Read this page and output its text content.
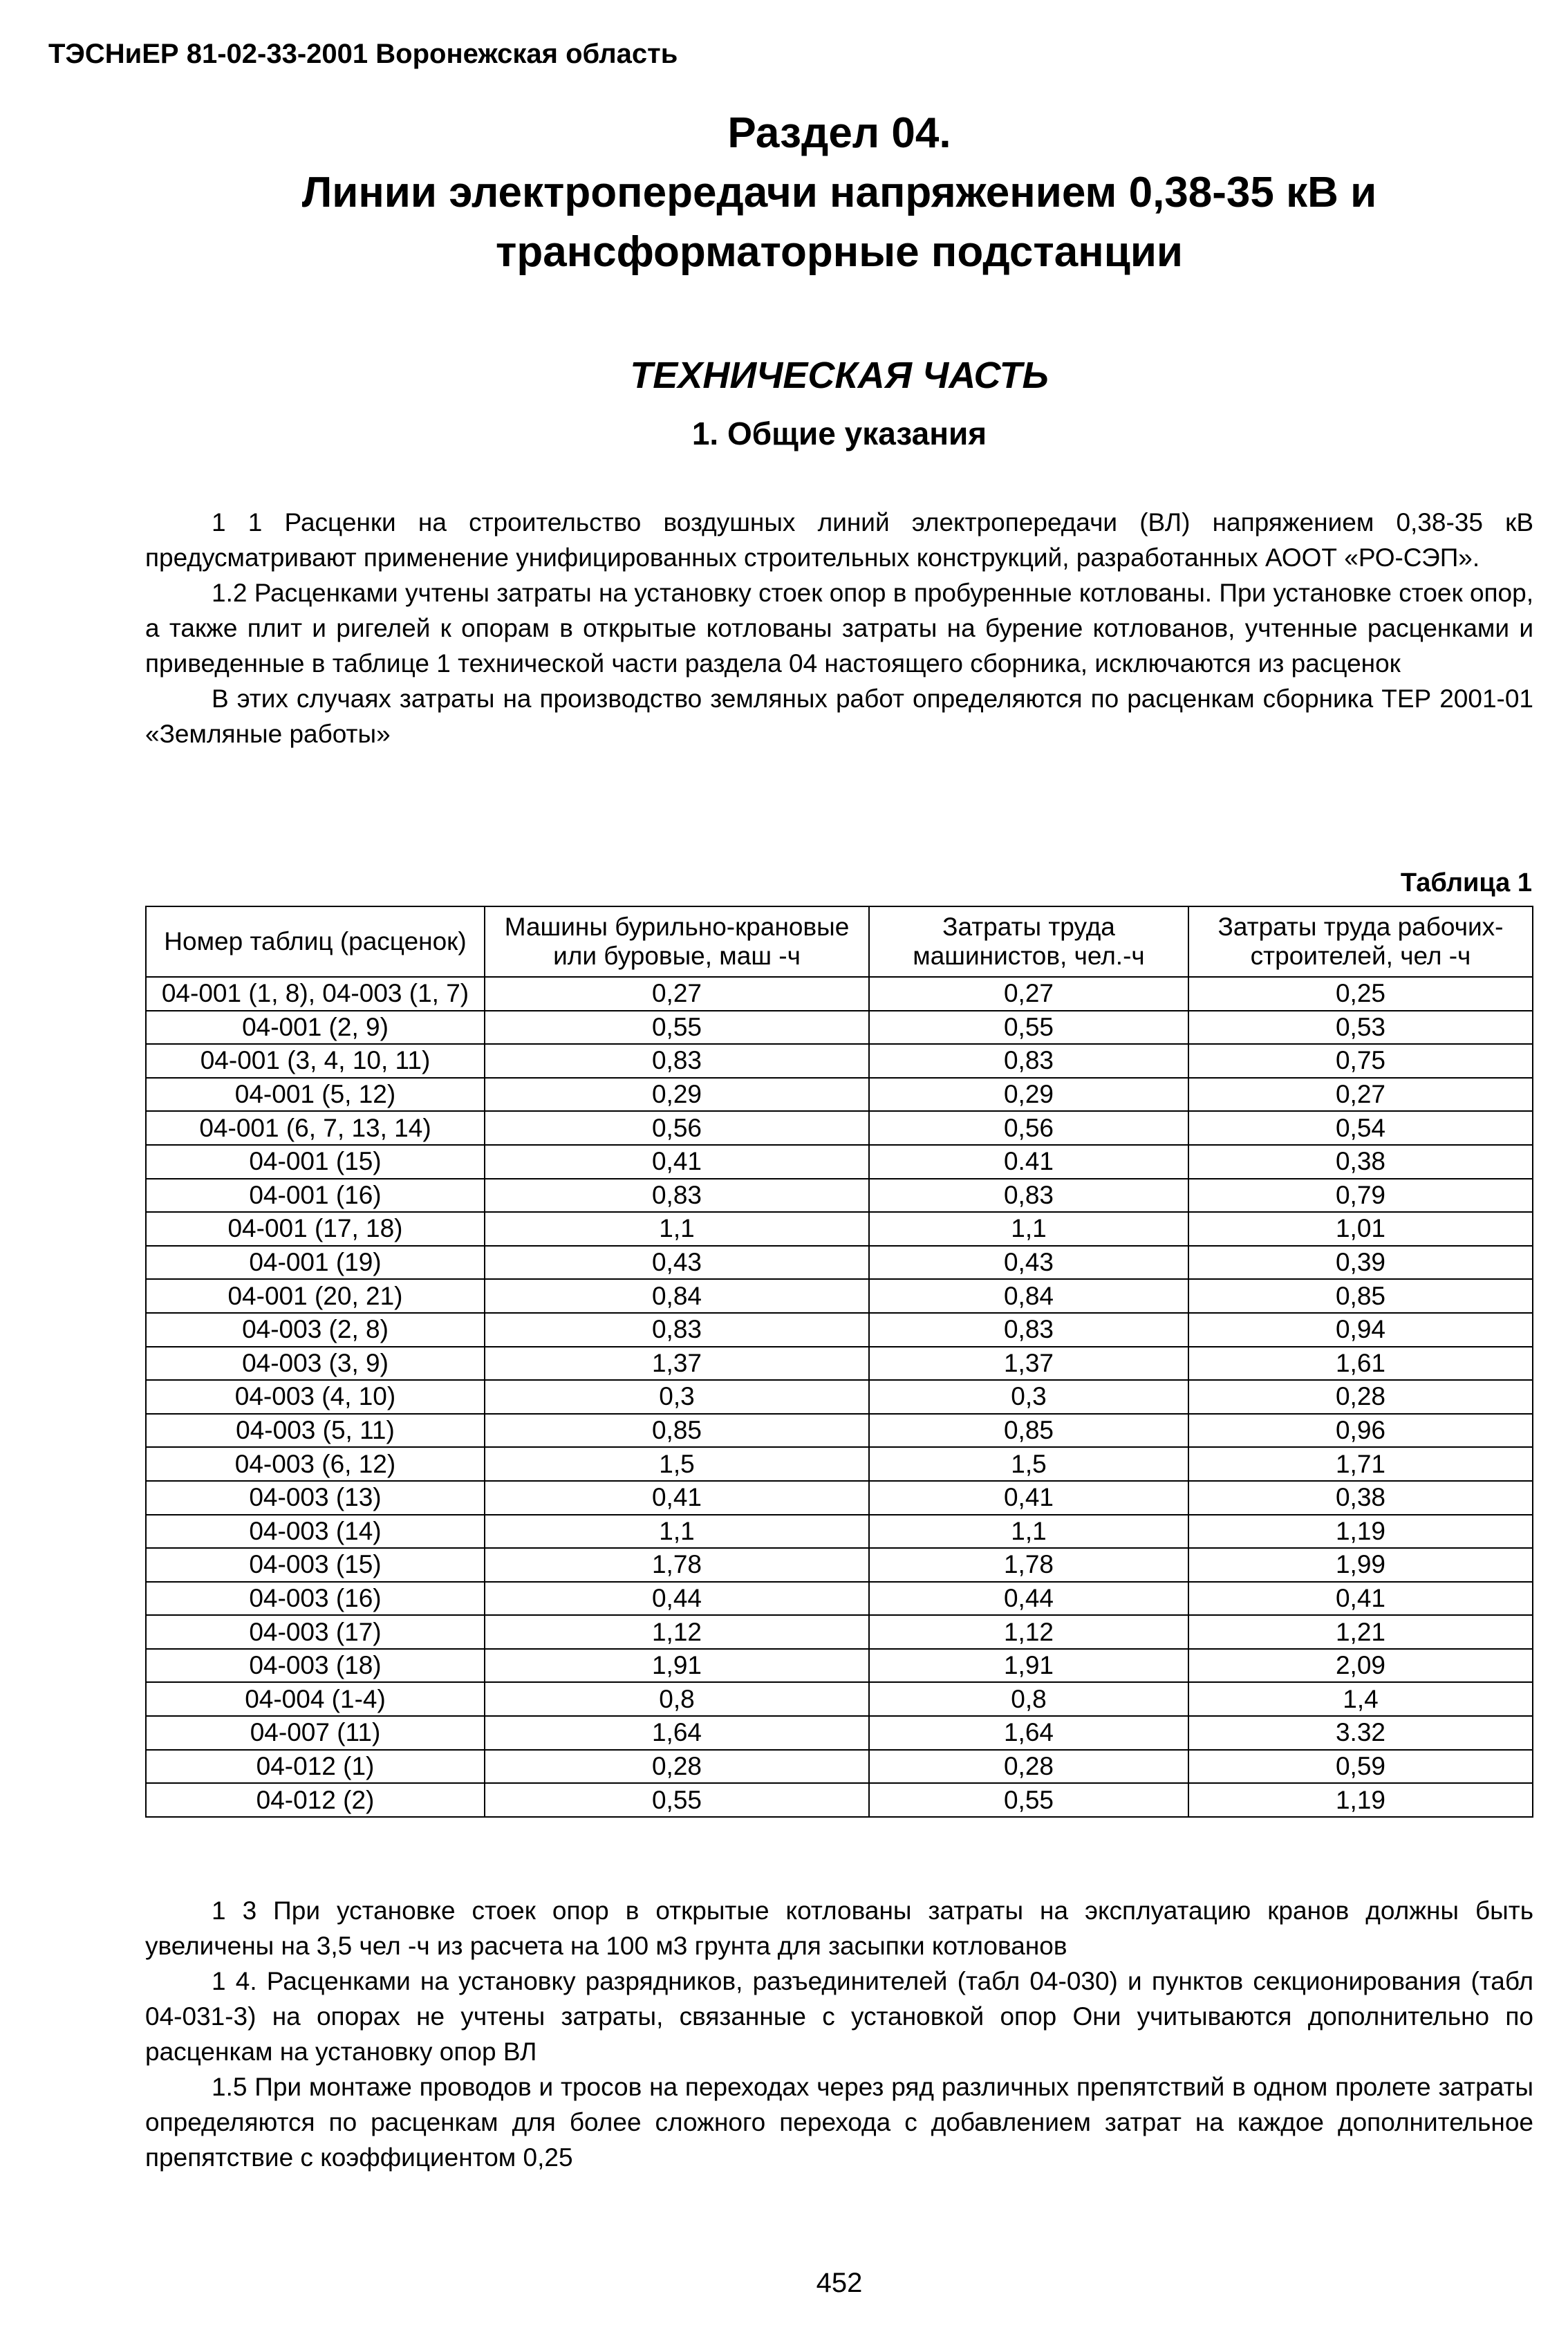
ТЭСНиЕР 81-02-33-2001 Воронежская область
Раздел 04.
Линии электропередачи напряжением 0,38-35 кВ и
трансформаторные подстанции
ТЕХНИЧЕСКАЯ ЧАСТЬ
1. Общие указания

1 1 Расценки на строительство воздушных линий электропередачи (ВЛ) напряжением 0,38-35 кВ предусматривают применение унифицированных строительных конструкций, разработанных АООТ «РО-СЭП».

1.2 Расценками учтены затраты на установку стоек опор в пробуренные котлованы. При установке стоек опор, а также плит и ригелей к опорам в открытые котлованы затраты на бурение котлованов, учтенные расценками и приведенные в таблице 1 технической части раздела 04 настоящего сборника, исключаются из расценок

В этих случаях затраты на производство земляных работ определяются по расценкам сборника ТЕР 2001-01 «Земляные работы»

Таблица 1
Номер таблиц (расценок)	Машины бурильно-крановые или буровые, маш -ч	Затраты труда машинистов, чел.-ч	Затраты труда рабочих-строителей, чел -ч
04-001 (1, 8), 04-003 (1, 7)	0,27	0,27	0,25
04-001 (2, 9)	0,55	0,55	0,53
04-001 (3, 4, 10, 11)	0,83	0,83	0,75
04-001 (5, 12)	0,29	0,29	0,27
04-001 (6, 7, 13, 14)	0,56	0,56	0,54
04-001 (15)	0,41	0.41	0,38
04-001 (16)	0,83	0,83	0,79
04-001 (17, 18)	1,1	1,1	1,01
04-001 (19)	0,43	0,43	0,39
04-001 (20, 21)	0,84	0,84	0,85
04-003 (2, 8)	0,83	0,83	0,94
04-003 (3, 9)	1,37	1,37	1,61
04-003 (4, 10)	0,3	0,3	0,28
04-003 (5, 11)	0,85	0,85	0,96
04-003 (6, 12)	1,5	1,5	1,71
04-003 (13)	0,41	0,41	0,38
04-003 (14)	1,1	1,1	1,19
04-003 (15)	1,78	1,78	1,99
04-003 (16)	0,44	0,44	0,41
04-003 (17)	1,12	1,12	1,21
04-003 (18)	1,91	1,91	2,09
04-004 (1-4)	0,8	0,8	1,4
04-007 (11)	1,64	1,64	3.32
04-012 (1)	0,28	0,28	0,59
04-012 (2)	0,55	0,55	1,19

1 3 При установке стоек опор в открытые котлованы затраты на эксплуатацию кранов должны быть увеличены на 3,5 чел -ч из расчета на 100 м3 грунта для засыпки котлованов

1 4. Расценками на установку разрядников, разъединителей (табл 04-030) и пунктов секционирования (табл 04-031-3) на опорах не учтены затраты, связанные с установкой опор Они учитываются дополнительно по расценкам на установку опор ВЛ

1.5 При монтаже проводов и тросов на переходах через ряд различных препятствий в одном пролете затраты определяются по расценкам для более сложного перехода с добавлением затрат на каждое дополнительное препятствие с коэффициентом 0,25

452
